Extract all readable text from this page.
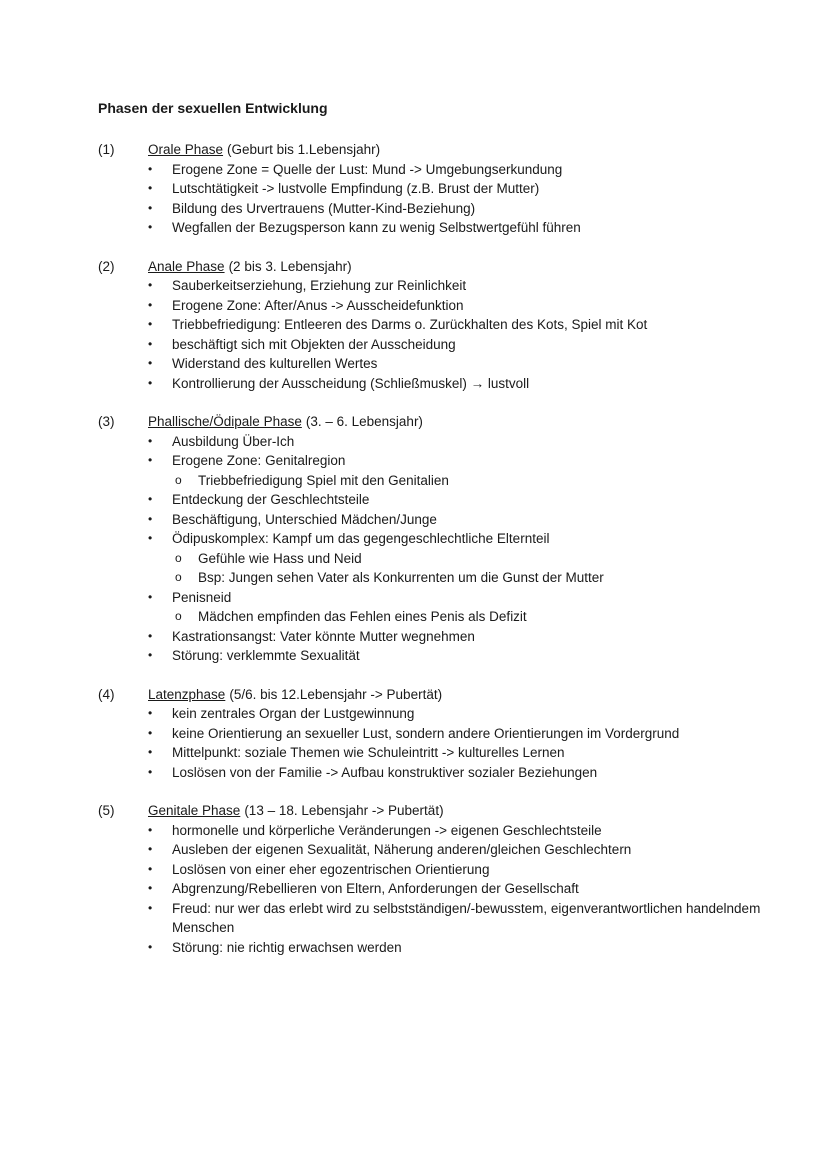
Phasen der sexuellen Entwicklung
(1)	Orale Phase (Geburt bis 1.Lebensjahr)
•	Erogene Zone = Quelle der Lust: Mund -> Umgebungserkundung
•	Lutschtätigkeit -> lustvolle Empfindung (z.B. Brust der Mutter)
•	Bildung des Urvertrauens (Mutter-Kind-Beziehung)
•	Wegfallen der Bezugsperson kann zu wenig Selbstwertgefühl führen
(2)	Anale Phase (2 bis 3. Lebensjahr)
•	Sauberkeitserziehung, Erziehung zur Reinlichkeit
•	Erogene Zone: After/Anus -> Ausscheidefunktion
•	Triebbefriedigung: Entleeren des Darms o. Zurückhalten des Kots, Spiel mit Kot
•	beschäftigt sich mit Objekten der Ausscheidung
•	Widerstand des kulturellen Wertes
•	Kontrollierung der Ausscheidung (Schließmuskel) → lustvoll
(3)	Phallische/Ödipale Phase (3. – 6. Lebensjahr)
•	Ausbildung Über-Ich
•	Erogene Zone: Genitalregion
o Triebbefriedigung Spiel mit den Genitalien
•	Entdeckung der Geschlechtsteile
•	Beschäftigung, Unterschied Mädchen/Junge
•	Ödipuskomplex: Kampf um das gegengeschlechtliche Elternteil
o Gefühle wie Hass und Neid
o Bsp: Jungen sehen Vater als Konkurrenten um die Gunst der Mutter
•	Penisneid
o Mädchen empfinden das Fehlen eines Penis als Defizit
•	Kastrationsangst: Vater könnte Mutter wegnehmen
•	Störung: verklemmte Sexualität
(4)	Latenzphase (5/6. bis 12.Lebensjahr -> Pubertät)
•	kein zentrales Organ der Lustgewinnung
•	keine Orientierung an sexueller Lust, sondern andere Orientierungen im Vordergrund
•	Mittelpunkt: soziale Themen wie Schuleintritt -> kulturelles Lernen
•	Loslösen von der Familie -> Aufbau konstruktiver sozialer Beziehungen
(5)	Genitale Phase (13 – 18. Lebensjahr -> Pubertät)
•	hormonelle und körperliche Veränderungen -> eigenen Geschlechtsteile
•	Ausleben der eigenen Sexualität, Näherung anderen/gleichen Geschlechtern
•	Loslösen von einer eher egozentrischen Orientierung
•	Abgrenzung/Rebellieren von Eltern, Anforderungen der Gesellschaft
•	Freud: nur wer das erlebt wird zu selbstständigen/-bewusstem, eigenverantwortlichen handelndem Menschen
•	Störung: nie richtig erwachsen werden
